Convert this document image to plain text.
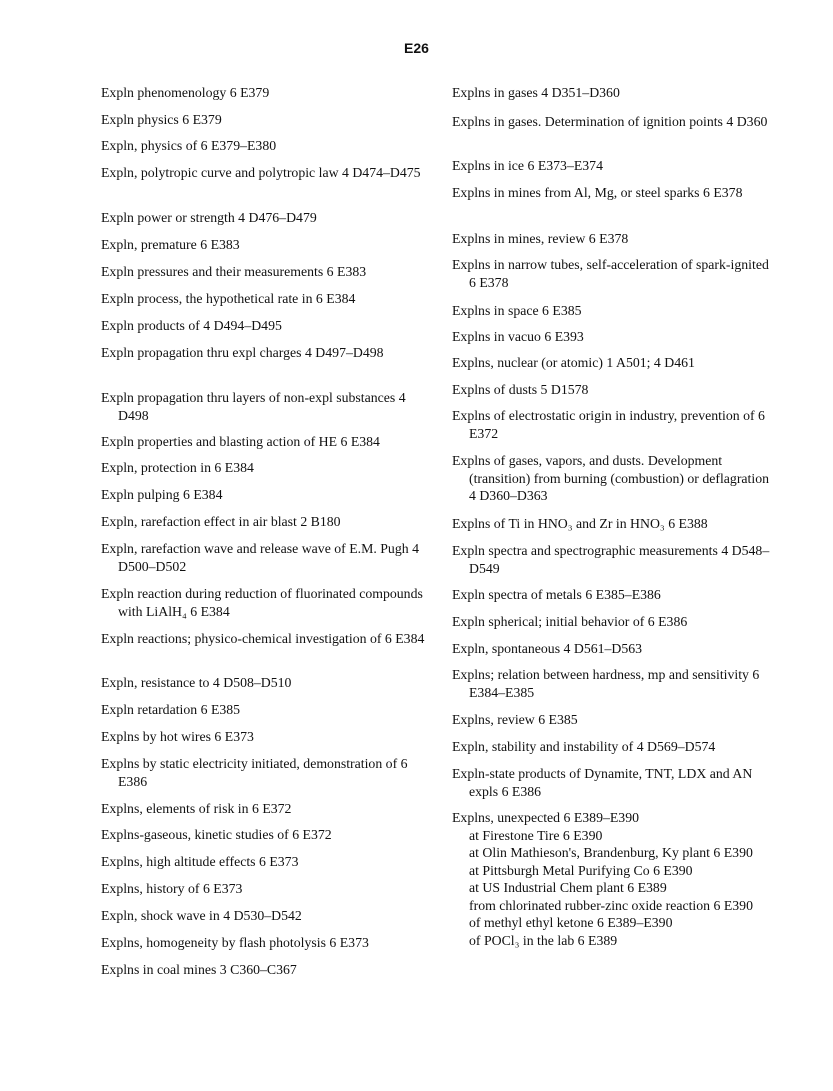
E26
Expln phenomenology 6 E379
Expln physics 6 E379
Expln, physics of 6 E379–E380
Expln, polytropic curve and polytropic law 4 D474–D475
Expln power or strength 4 D476–D479
Expln, premature 6 E383
Expln pressures and their measurements 6 E383
Expln process, the hypothetical rate in 6 E384
Expln products of 4 D494–D495
Expln propagation thru expl charges 4 D497–D498
Expln propagation thru layers of non-expl substances 4 D498
Expln properties and blasting action of HE 6 E384
Expln, protection in 6 E384
Expln pulping 6 E384
Expln, rarefaction effect in air blast 2 B180
Expln, rarefaction wave and release wave of E.M. Pugh 4 D500–D502
Expln reaction during reduction of fluorinated compounds with LiAlH₄ 6 E384
Expln reactions; physico-chemical investigation of 6 E384
Expln, resistance to 4 D508–D510
Expln retardation 6 E385
Explns by hot wires 6 E373
Explns by static electricity initiated, demonstration of 6 E386
Explns, elements of risk in 6 E372
Explns-gaseous, kinetic studies of 6 E372
Explns, high altitude effects 6 E373
Explns, history of 6 E373
Expln, shock wave in 4 D530–D542
Explns, homogeneity by flash photolysis 6 E373
Explns in coal mines 3 C360–C367
Explns in gases 4 D351–D360
Explns in gases. Determination of ignition points 4 D360
Explns in ice 6 E373–E374
Explns in mines from Al, Mg, or steel sparks 6 E378
Explns in mines, review 6 E378
Explns in narrow tubes, self-acceleration of spark-ignited 6 E378
Explns in space 6 E385
Explns in vacuo 6 E393
Explns, nuclear (or atomic) 1 A501; 4 D461
Explns of dusts 5 D1578
Explns of electrostatic origin in industry, prevention of 6 E372
Explns of gases, vapors, and dusts. Development (transition) from burning (combustion) or deflagration 4 D360–D363
Explns of Ti in HNO₃ and Zr in HNO₃ 6 E388
Expln spectra and spectrographic measurements 4 D548–D549
Expln spectra of metals 6 E385–E386
Expln spherical; initial behavior of 6 E386
Expln, spontaneous 4 D561–D563
Explns; relation between hardness, mp and sensitivity 6 E384–E385
Explns, review 6 E385
Expln, stability and instability of 4 D569–D574
Expln-state products of Dynamite, TNT, LDX and AN expls 6 E386
Explns, unexpected 6 E389–E390
at Firestone Tire 6 E390
at Olin Mathieson's, Brandenburg, Ky plant 6 E390
at Pittsburgh Metal Purifying Co 6 E390
at US Industrial Chem plant 6 E389
from chlorinated rubber-zinc oxide reaction 6 E390
of methyl ethyl ketone 6 E389–E390
of POCl₃ in the lab 6 E389
